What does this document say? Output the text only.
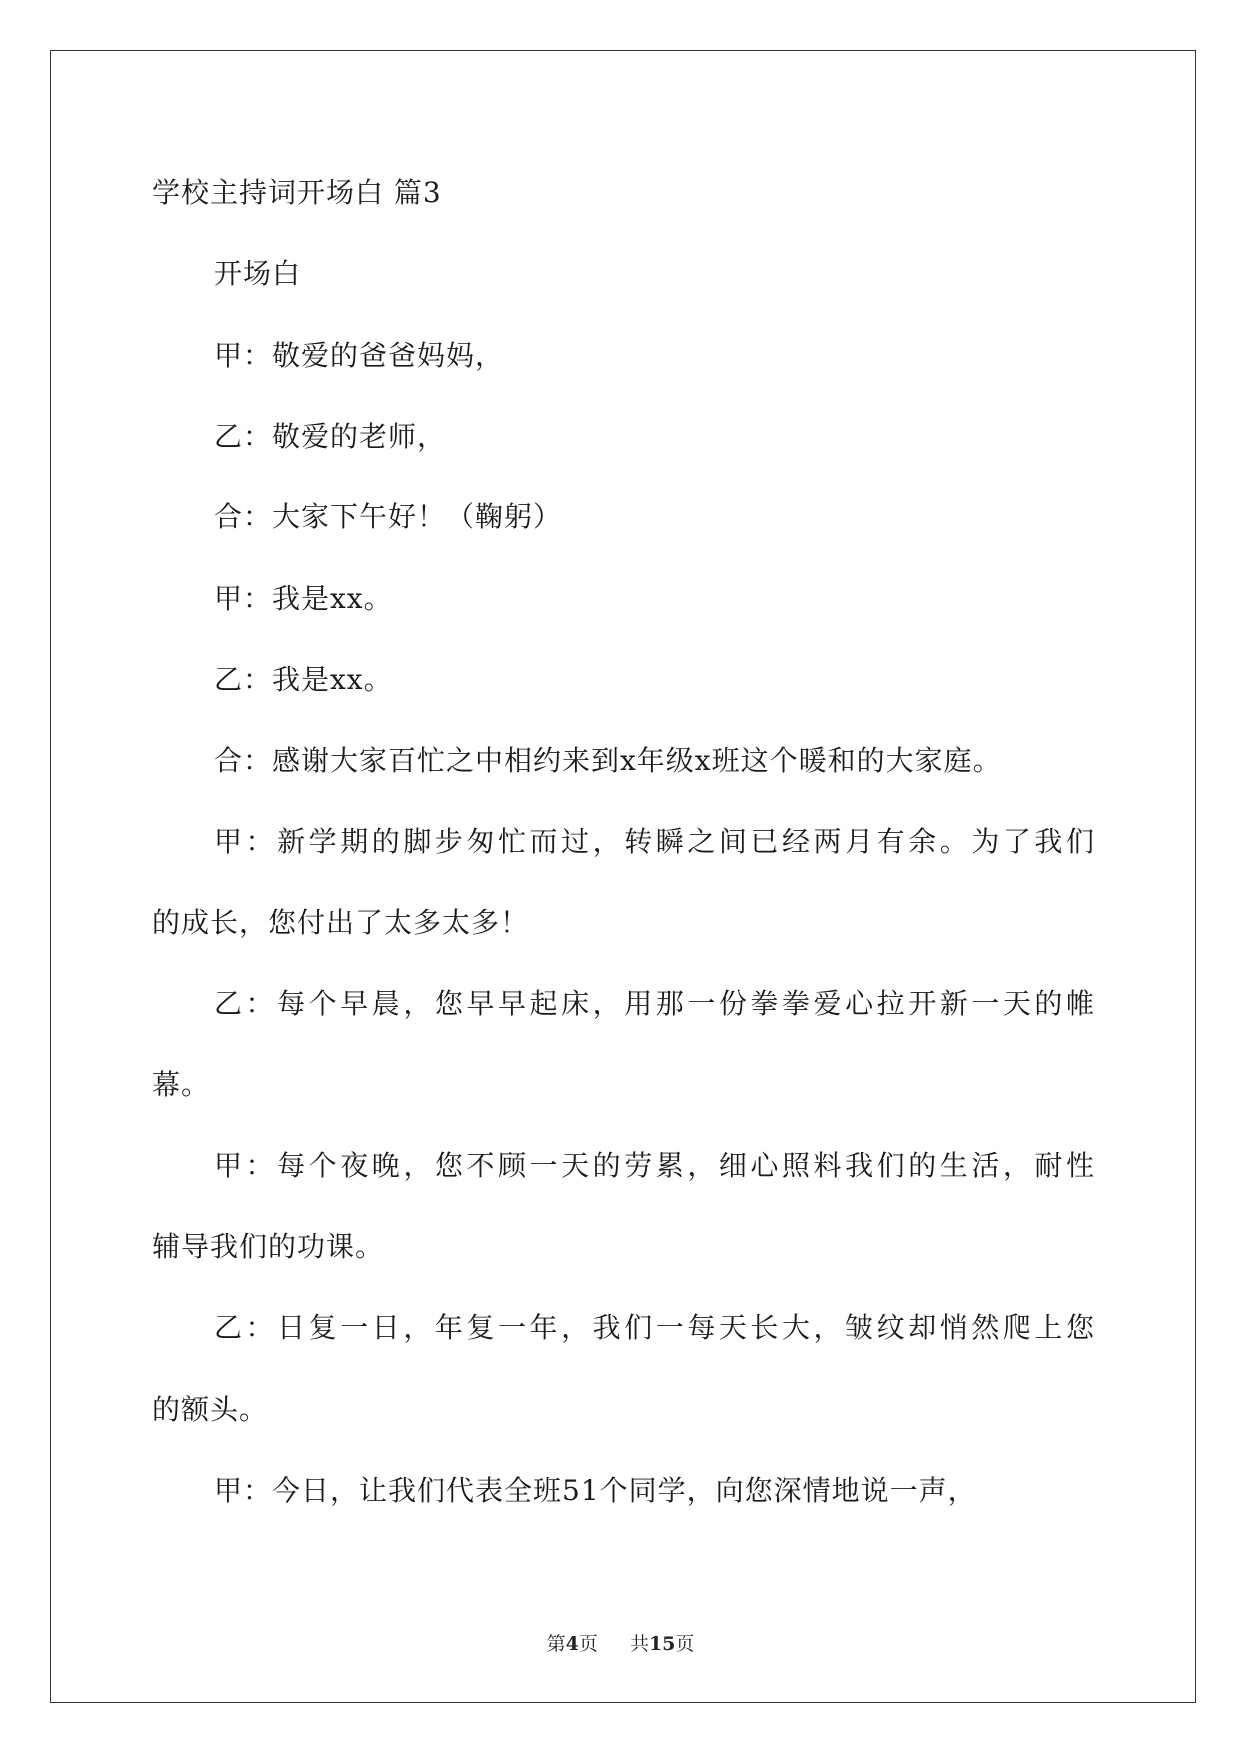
学校主持词开场白 篇3
开场白
甲：敬爱的爸爸妈妈，
乙：敬爱的老师，
合：大家下午好！（鞠躬）
甲：我是xx。
乙：我是xx。
合：感谢大家百忙之中相约来到x年级x班这个暖和的大家庭。
甲：新学期的脚步匆忙而过，转瞬之间已经两月有余。为了我们
的成长，您付出了太多太多！
乙：每个早晨，您早早起床，用那一份拳拳爱心拉开新一天的帷
幕。
甲：每个夜晚，您不顾一天的劳累，细心照料我们的生活，耐性
辅导我们的功课。
乙：日复一日，年复一年，我们一每天长大，皱纹却悄然爬上您
的额头。
甲：今日，让我们代表全班51个同学，向您深情地说一声，
第4页 共15页
